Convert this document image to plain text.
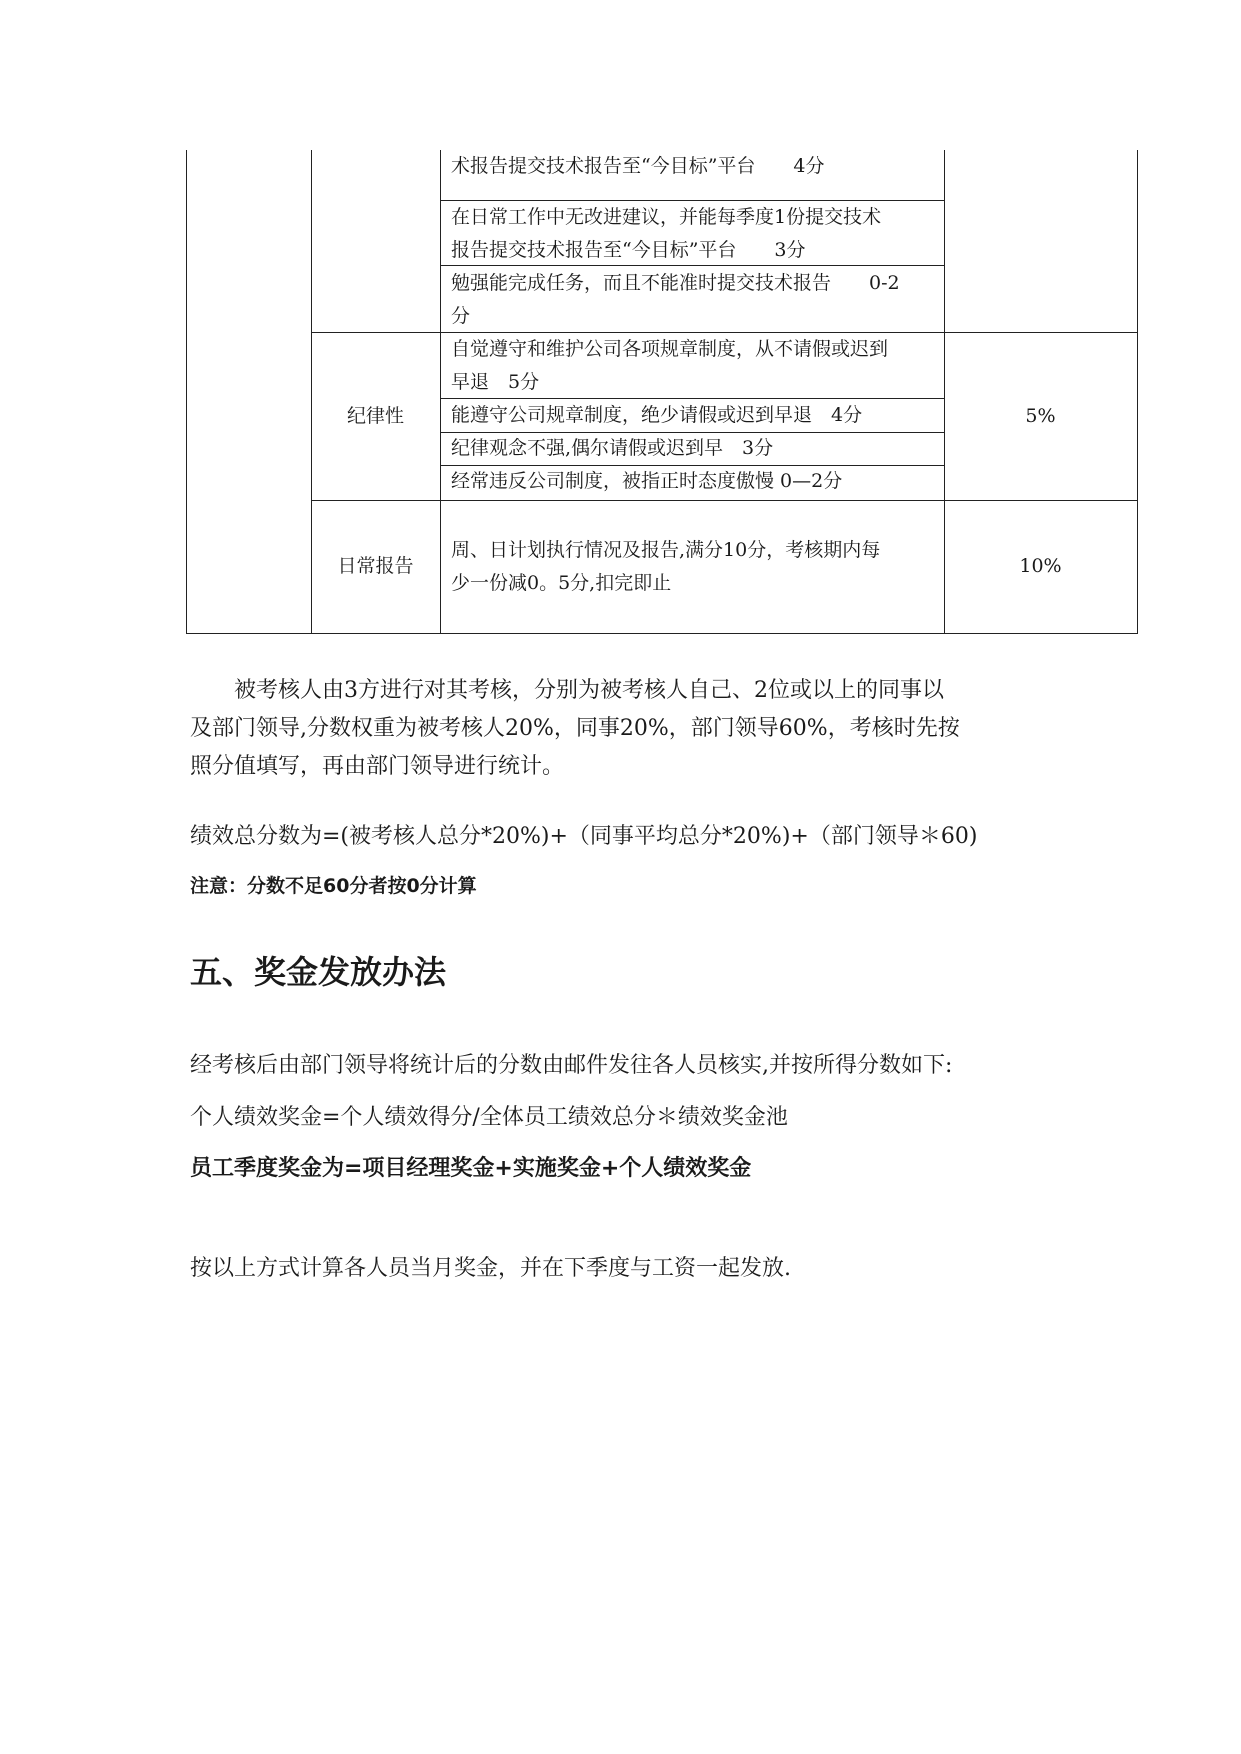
术报告提交技术报告至“今目标”平台　　4分
在日常工作中无改进建议，并能每季度1份提交技术
报告提交技术报告至“今目标”平台　　3分
勉强能完成任务，而且不能准时提交技术报告　　0-2
分
纪律性	5%
自觉遵守和维护公司各项规章制度，从不请假或迟到
早退　5分
能遵守公司规章制度，绝少请假或迟到早退　4分
纪律观念不强,偶尔请假或迟到早　3分
经常违反公司制度，被指正时态度傲慢 0—2分
日常报告
周、日计划执行情况及报告,满分10分，考核期内每
少一份减0。5分,扣完即止
10%
被考核人由3方进行对其考核，分别为被考核人自己、2位或以上的同事以
及部门领导,分数权重为被考核人20%，同事20%，部门领导60%，考核时先按
照分值填写，再由部门领导进行统计。
绩效总分数为=(被考核人总分*20%)+（同事平均总分*20%)+（部门领导＊60)
注意：分数不足60分者按0分计算
五、奖金发放办法
经考核后由部门领导将统计后的分数由邮件发往各人员核实,并按所得分数如下:
个人绩效奖金=个人绩效得分/全体员工绩效总分＊绩效奖金池
员工季度奖金为=项目经理奖金+实施奖金+个人绩效奖金
按以上方式计算各人员当月奖金，并在下季度与工资一起发放.
